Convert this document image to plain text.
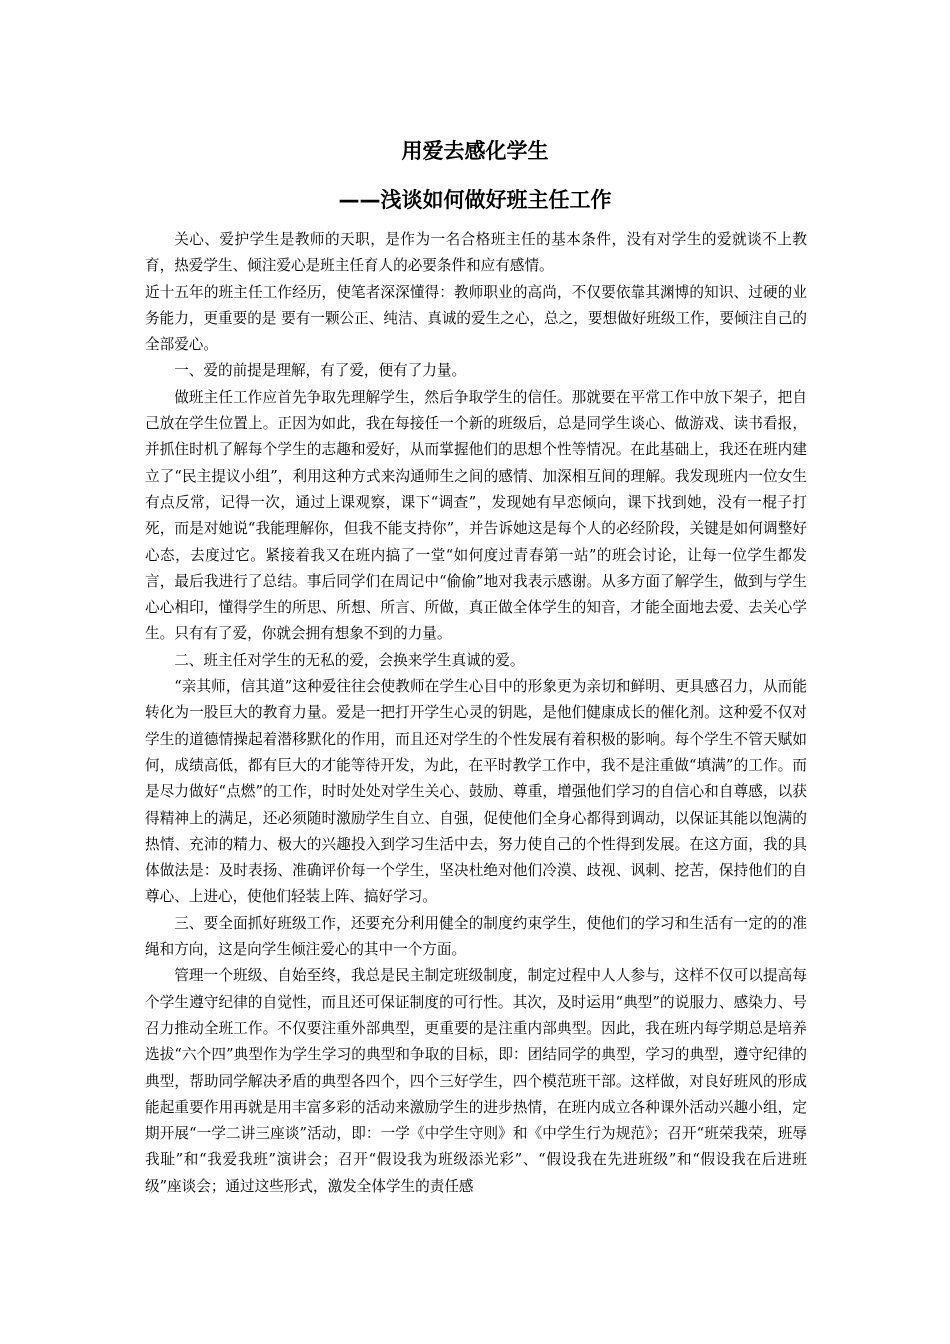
用爱去感化学生
——浅谈如何做好班主任工作

关心、爱护学生是教师的天职，是作为一名合格班主任的基本条件，没有对学生的爱就谈不上教育，热爱学生、倾注爱心是班主任育人的必要条件和应有感情。

近十五年的班主任工作经历，使笔者深深懂得：教师职业的高尚，不仅要依靠其渊博的知识、过硬的业务能力，更重要的是 要有一颗公正、纯洁、真诚的爱生之心，总之，要想做好班级工作，要倾注自己的全部爱心。

一、爱的前提是理解，有了爱，便有了力量。

做班主任工作应首先争取先理解学生，然后争取学生的信任。那就要在平常工作中放下架子，把自己放在学生位置上。正因为如此，我在每接任一个新的班级后，总是同学生谈心、做游戏、读书看报，并抓住时机了解每个学生的志趣和爱好，从而掌握他们的思想个性等情况。在此基础上，我还在班内建立了“民主提议小组”，利用这种方式来沟通师生之间的感情、加深相互间的理解。我发现班内一位女生有点反常，记得一次，通过上课观察，课下“调查”，发现她有早恋倾向，课下找到她，没有一棍子打死，而是对她说“我能理解你，但我不能支持你”，并告诉她这是每个人的必经阶段，关键是如何调整好心态，去度过它。紧接着我又在班内搞了一堂“如何度过青春第一站”的班会讨论，让每一位学生都发言，最后我进行了总结。事后同学们在周记中“偷偷”地对我表示感谢。从多方面了解学生，做到与学生心心相印，懂得学生的所思、所想、所言、所做，真正做全体学生的知音，才能全面地去爱、去关心学生。只有有了爱，你就会拥有想象不到的力量。

二、班主任对学生的无私的爱，会换来学生真诚的爱。

“亲其师，信其道”这种爱往往会使教师在学生心目中的形象更为亲切和鲜明、更具感召力，从而能转化为一股巨大的教育力量。爱是一把打开学生心灵的钥匙，是他们健康成长的催化剂。这种爱不仅对学生的道德情操起着潜移默化的作用，而且还对学生的个性发展有着积极的影响。每个学生不管天赋如何，成绩高低，都有巨大的才能等待开发，为此，在平时教学工作中，我不是注重做“填满”的工作。而是尽力做好“点燃”的工作，时时处处对学生关心、鼓励、尊重，增强他们学习的自信心和自尊感，以获得精神上的满足，还必须随时激励学生自立、自强，促使他们全身心都得到调动，以保证其能以饱满的热情、充沛的精力、极大的兴趣投入到学习生活中去，努力使自己的个性得到发展。在这方面，我的具体做法是：及时表扬、准确评价每一个学生，坚决杜绝对他们冷漠、歧视、讽刺、挖苦，保持他们的自尊心、上进心，使他们轻装上阵、搞好学习。

三、要全面抓好班级工作，还要充分利用健全的制度约束学生，使他们的学习和生活有一定的的准绳和方向，这是向学生倾注爱心的其中一个方面。

管理一个班级、自始至终，我总是民主制定班级制度，制定过程中人人参与，这样不仅可以提高每个学生遵守纪律的自觉性，而且还可保证制度的可行性。其次，及时运用“典型”的说服力、感染力、号召力推动全班工作。不仅要注重外部典型，更重要的是注重内部典型。因此，我在班内每学期总是培养选拔“六个四”典型作为学生学习的典型和争取的目标，即：团结同学的典型，学习的典型，遵守纪律的典型，帮助同学解决矛盾的典型各四个，四个三好学生，四个模范班干部。这样做，对良好班风的形成能起重要作用再就是用丰富多彩的活动来激励学生的进步热情，在班内成立各种课外活动兴趣小组，定期开展“一学二讲三座谈”活动，即：一学《中学生守则》和《中学生行为规范》；召开“班荣我荣，班辱我耻”和“我爱我班”演讲会；召开“假设我为班级添光彩”、“假设我在先进班级”和“假设我在后进班级”座谈会；通过这些形式，激发全体学生的责任感
